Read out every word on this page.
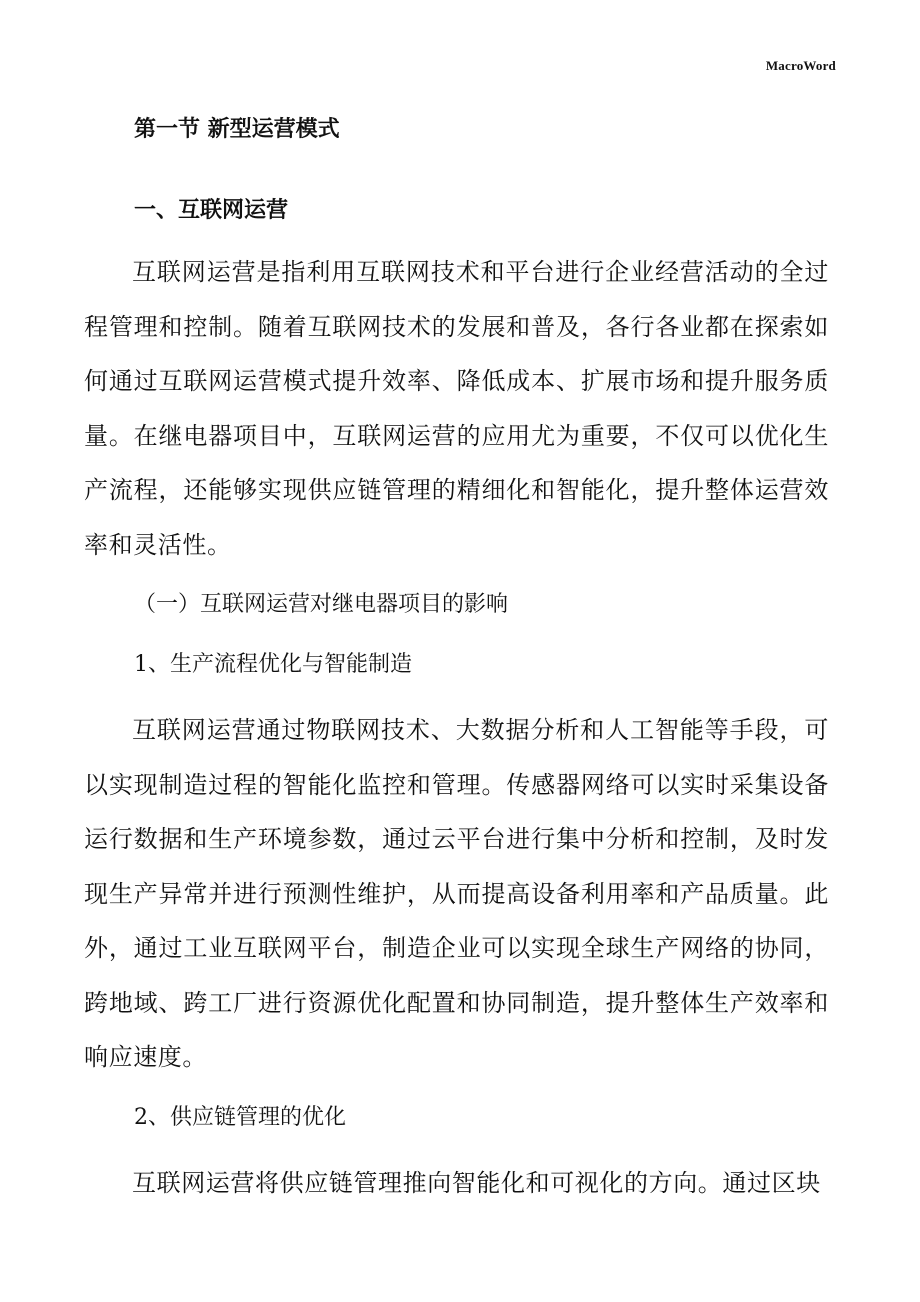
MacroWord
第一节 新型运营模式
一、互联网运营
互联网运营是指利用互联网技术和平台进行企业经营活动的全过程管理和控制。随着互联网技术的发展和普及，各行各业都在探索如何通过互联网运营模式提升效率、降低成本、扩展市场和提升服务质量。在继电器项目中，互联网运营的应用尤为重要，不仅可以优化生产流程，还能够实现供应链管理的精细化和智能化，提升整体运营效率和灵活性。
（一）互联网运营对继电器项目的影响
1、生产流程优化与智能制造
互联网运营通过物联网技术、大数据分析和人工智能等手段，可以实现制造过程的智能化监控和管理。传感器网络可以实时采集设备运行数据和生产环境参数，通过云平台进行集中分析和控制，及时发现生产异常并进行预测性维护，从而提高设备利用率和产品质量。此外，通过工业互联网平台，制造企业可以实现全球生产网络的协同，跨地域、跨工厂进行资源优化配置和协同制造，提升整体生产效率和响应速度。
2、供应链管理的优化
互联网运营将供应链管理推向智能化和可视化的方向。通过区块
